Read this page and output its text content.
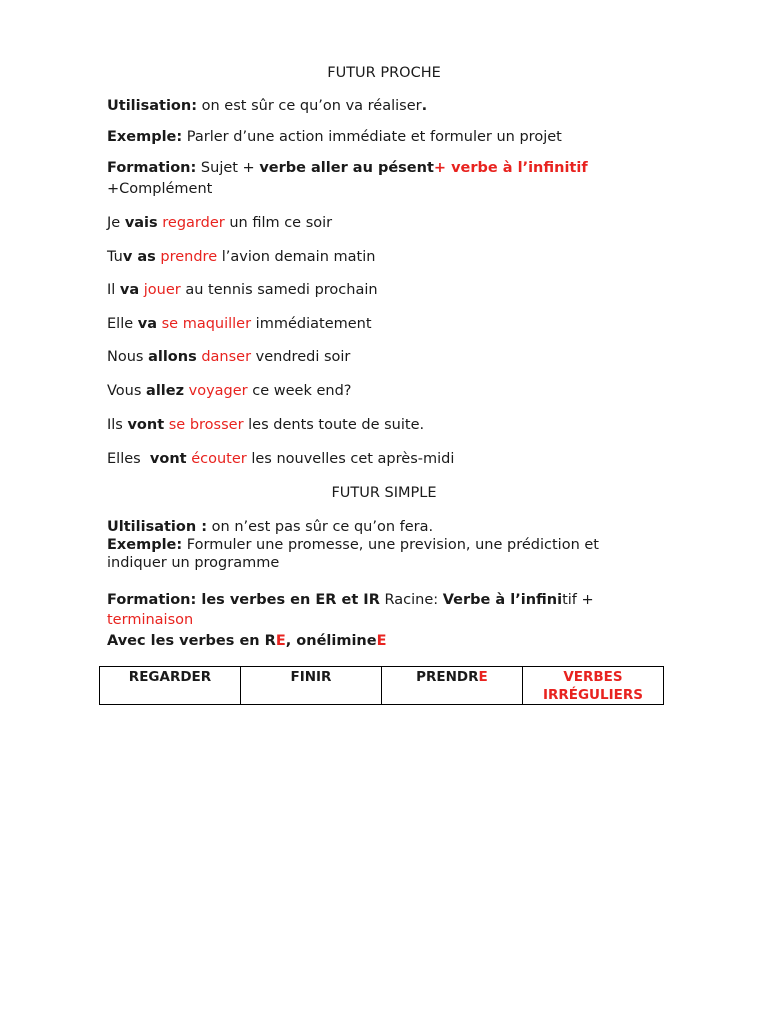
FUTUR PROCHE
Utilisation: on est sûr ce qu’on va réaliser.
Exemple: Parler d’une action immédiate et formuler un projet
Formation: Sujet + verbe aller au pésent+ verbe à l’infinitif
+Complément
Je vais regarder un film ce soir
Tuv as prendre l’avion demain matin
Il va jouer au tennis samedi prochain
Elle va se maquiller immédiatement
Nous allons danser vendredi soir
Vous allez voyager ce week end?
Ils vont se brosser les dents toute de suite.
Elles  vont écouter les nouvelles cet après-midi
FUTUR SIMPLE
Ultilisation : on n’est pas sûr ce qu’on fera.
Exemple: Formuler une promesse, une prevision, une prédiction et
indiquer un programme
Formation: les verbes en ER et IR Racine: Verbe à l’infinitif +
terminaison
Avec les verbes en RE, onélimineE
REGARDER	FINIR	PRENDRE	VERBES IRRÉGULIERS
